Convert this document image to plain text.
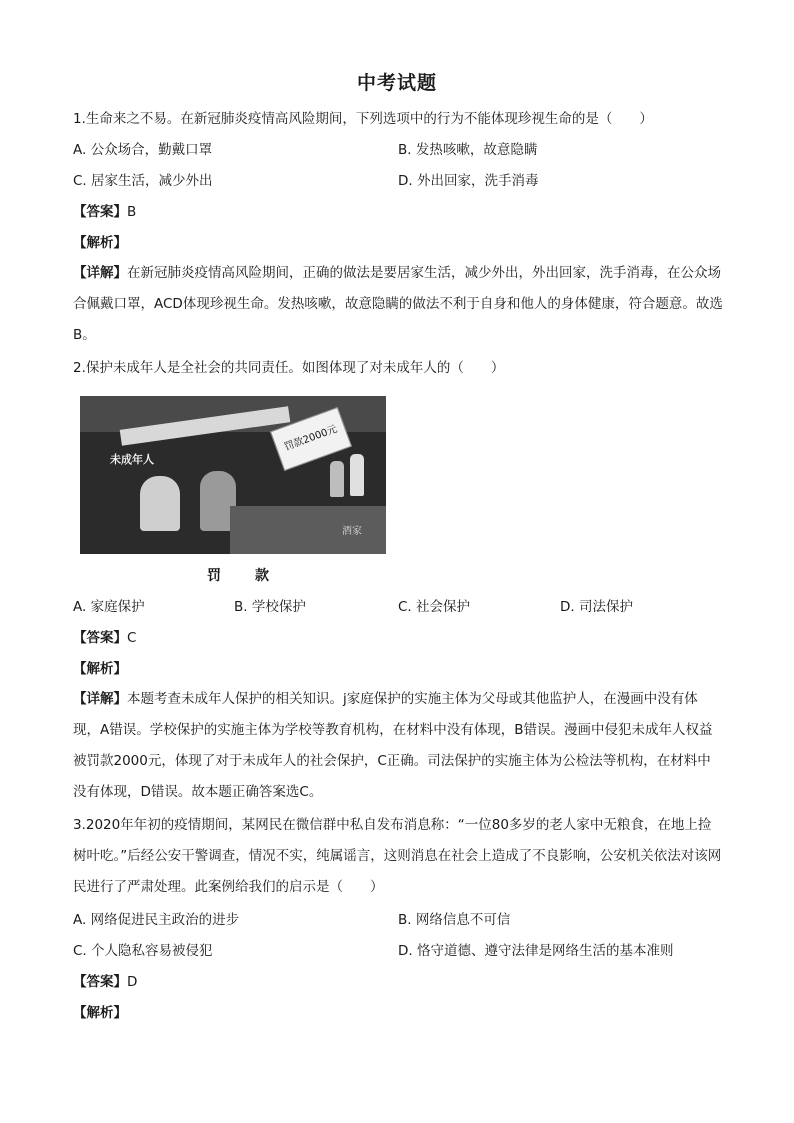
中考试题
1.生命来之不易。在新冠肺炎疫情高风险期间，下列选项中的行为不能体现珍视生命的是（　　）
A. 公众场合，勤戴口罩	B. 发热咳嗽，故意隐瞒
C. 居家生活，减少外出	D. 外出回家，洗手消毒
【答案】B
【解析】
【详解】在新冠肺炎疫情高风险期间，正确的做法是要居家生活，减少外出，外出回家，洗手消毒，在公众场合佩戴口罩，ACD体现珍视生命。发热咳嗽，故意隐瞒的做法不利于自身和他人的身体健康，符合题意。故选B。
2.保护未成年人是全社会的共同责任。如图体现了对未成年人的（　　）
罚款2000元
未成年人
酒家
罚　款
A. 家庭保护	B. 学校保护	C. 社会保护	D. 司法保护
【答案】C
【解析】
【详解】本题考查未成年人保护的相关知识。j家庭保护的实施主体为父母或其他监护人，在漫画中没有体现，A错误。学校保护的实施主体为学校等教育机构，在材料中没有体现，B错误。漫画中侵犯未成年人权益被罚款2000元，体现了对于未成年人的社会保护，C正确。司法保护的实施主体为公检法等机构，在材料中没有体现，D错误。故本题正确答案选C。
3.2020年年初的疫情期间，某网民在微信群中私自发布消息称：“一位80多岁的老人家中无粮食，在地上捡树叶吃。”后经公安干警调查，情况不实，纯属谣言，这则消息在社会上造成了不良影响，公安机关依法对该网民进行了严肃处理。此案例给我们的启示是（　　）
A. 网络促进民主政治的进步	B. 网络信息不可信
C. 个人隐私容易被侵犯	D. 恪守道德、遵守法律是网络生活的基本准则
【答案】D
【解析】
